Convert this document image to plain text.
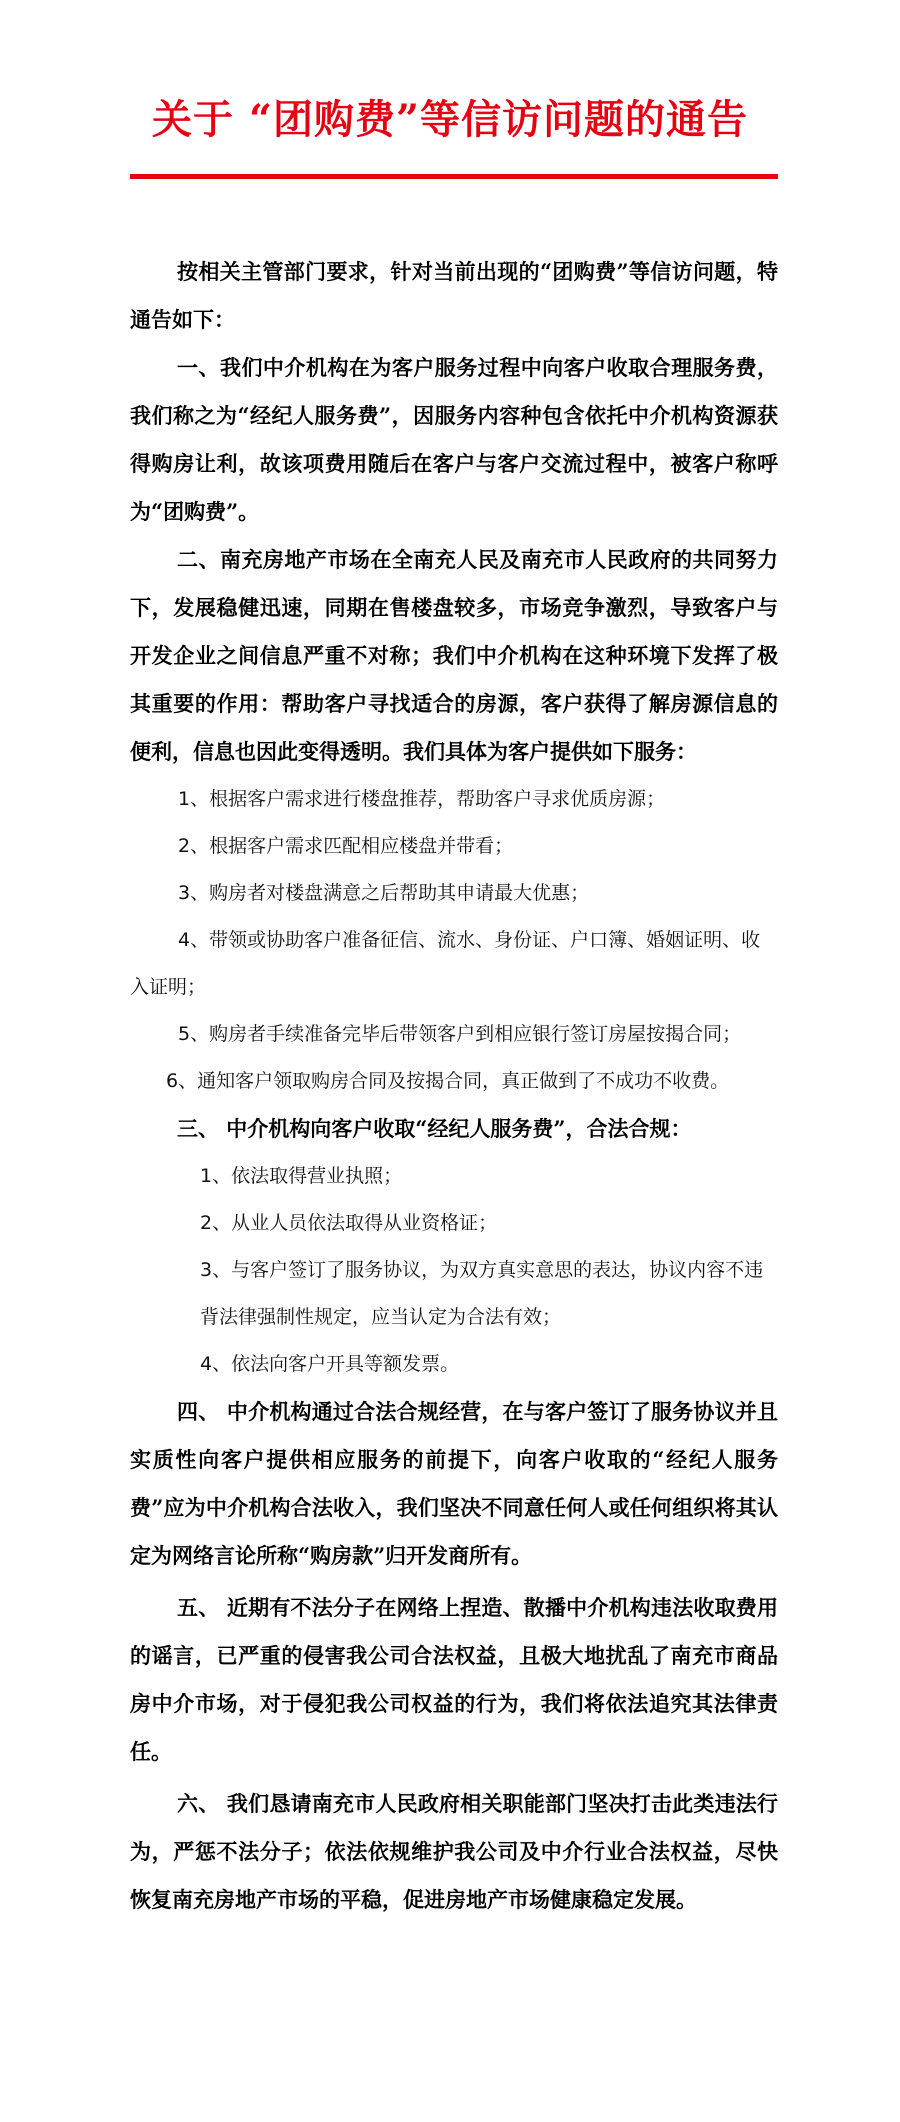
关于 “团购费”等信访问题的通告

按相关主管部门要求，针对当前出现的“团购费”等信访问题，特通告如下：

一、我们中介机构在为客户服务过程中向客户收取合理服务费，我们称之为“经纪人服务费”，因服务内容种包含依托中介机构资源获得购房让利，故该项费用随后在客户与客户交流过程中，被客户称呼为“团购费”。

二、南充房地产市场在全南充人民及南充市人民政府的共同努力下，发展稳健迅速，同期在售楼盘较多，市场竞争激烈，导致客户与开发企业之间信息严重不对称；我们中介机构在这种环境下发挥了极其重要的作用：帮助客户寻找适合的房源，客户获得了解房源信息的便利，信息也因此变得透明。我们具体为客户提供如下服务：

1、根据客户需求进行楼盘推荐，帮助客户寻求优质房源；

2、根据客户需求匹配相应楼盘并带看；

3、购房者对楼盘满意之后帮助其申请最大优惠；

4、带领或协助客户准备征信、流水、身份证、户口簿、婚姻证明、收入证明；

5、购房者手续准备完毕后带领客户到相应银行签订房屋按揭合同；

6、通知客户领取购房合同及按揭合同，真正做到了不成功不收费。

三、 中介机构向客户收取“经纪人服务费”，合法合规：

1、依法取得营业执照；

2、从业人员依法取得从业资格证；

3、与客户签订了服务协议，为双方真实意思的表达，协议内容不违背法律强制性规定，应当认定为合法有效；

4、依法向客户开具等额发票。

四、 中介机构通过合法合规经营，在与客户签订了服务协议并且实质性向客户提供相应服务的前提下，向客户收取的“经纪人服务费”应为中介机构合法收入，我们坚决不同意任何人或任何组织将其认定为网络言论所称“购房款”归开发商所有。

五、 近期有不法分子在网络上捏造、散播中介机构违法收取费用的谣言，已严重的侵害我公司合法权益，且极大地扰乱了南充市商品房中介市场，对于侵犯我公司权益的行为，我们将依法追究其法律责任。

六、 我们恳请南充市人民政府相关职能部门坚决打击此类违法行为，严惩不法分子；依法依规维护我公司及中介行业合法权益，尽快恢复南充房地产市场的平稳，促进房地产市场健康稳定发展。
